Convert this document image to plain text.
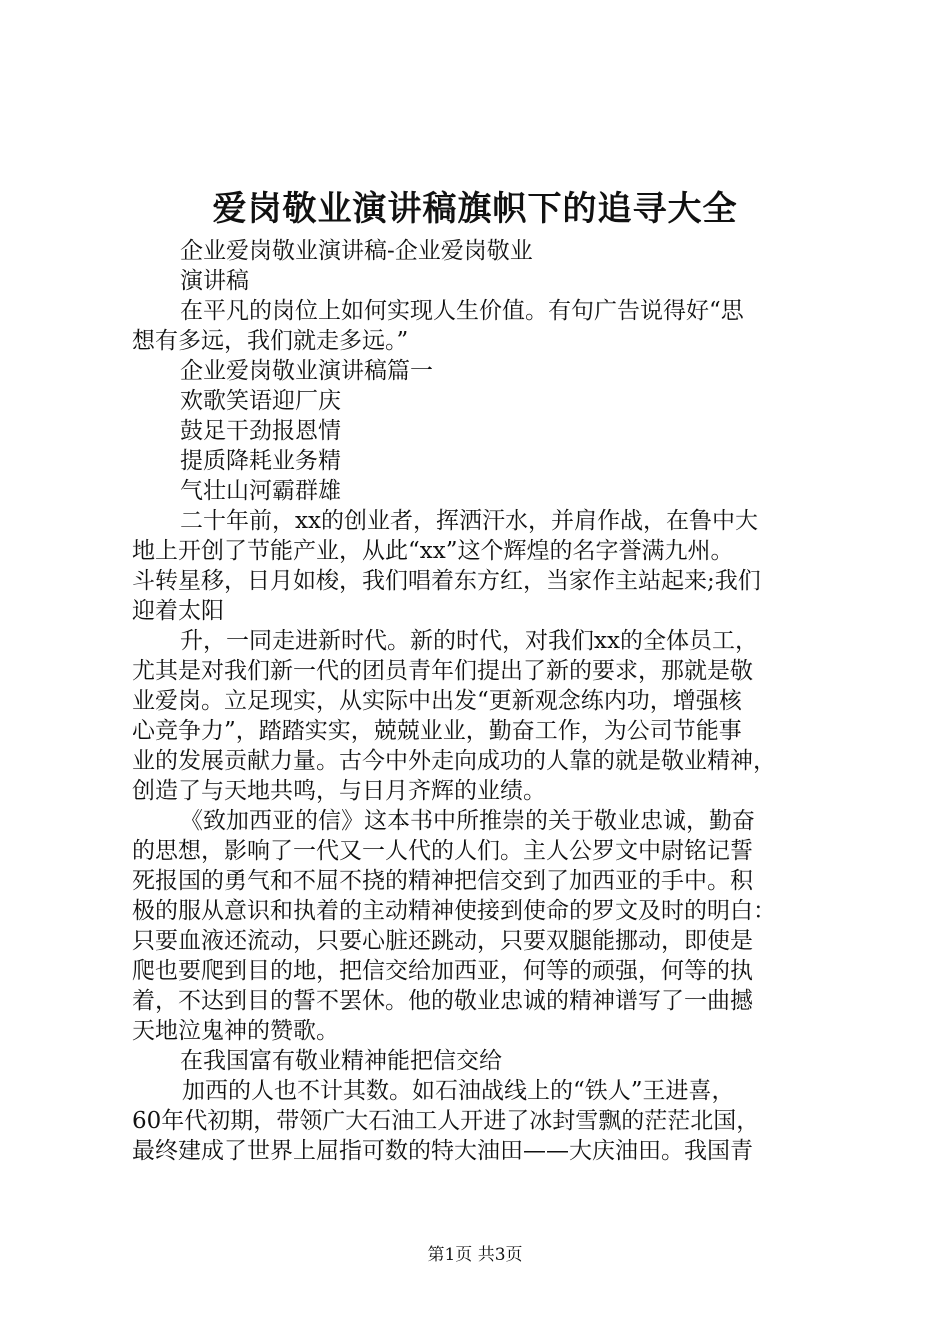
爱岗敬业演讲稿旗帜下的追寻大全
企业爱岗敬业演讲稿-企业爱岗敬业
演讲稿
在平凡的岗位上如何实现人生价值。有句广告说得好“思
想有多远，我们就走多远。”
企业爱岗敬业演讲稿篇一
欢歌笑语迎厂庆
鼓足干劲报恩情
提质降耗业务精
气壮山河霸群雄
二十年前，xx的创业者，挥洒汗水，并肩作战，在鲁中大
地上开创了节能产业，从此“xx”这个辉煌的名字誉满九州。
斗转星移，日月如梭，我们唱着东方红，当家作主站起来;我们
迎着太阳
升，一同走进新时代。新的时代，对我们xx的全体员工，
尤其是对我们新一代的团员青年们提出了新的要求，那就是敬
业爱岗。立足现实，从实际中出发“更新观念练内功，增强核
心竞争力”，踏踏实实，兢兢业业，勤奋工作，为公司节能事
业的发展贡献力量。古今中外走向成功的人靠的就是敬业精神，
创造了与天地共鸣，与日月齐辉的业绩。
《致加西亚的信》这本书中所推崇的关于敬业忠诚，勤奋
的思想，影响了一代又一人代的人们。主人公罗文中尉铭记誓
死报国的勇气和不屈不挠的精神把信交到了加西亚的手中。积
极的服从意识和执着的主动精神使接到使命的罗文及时的明白：
只要血液还流动，只要心脏还跳动，只要双腿能挪动，即使是
爬也要爬到目的地，把信交给加西亚，何等的顽强，何等的执
着，不达到目的誓不罢休。他的敬业忠诚的精神谱写了一曲撼
天地泣鬼神的赞歌。
在我国富有敬业精神能把信交给
加西的人也不计其数。如石油战线上的“铁人”王进喜，
60年代初期，带领广大石油工人开进了冰封雪飘的茫茫北国，
最终建成了世界上屈指可数的特大油田——大庆油田。我国青
第1页 共3页
